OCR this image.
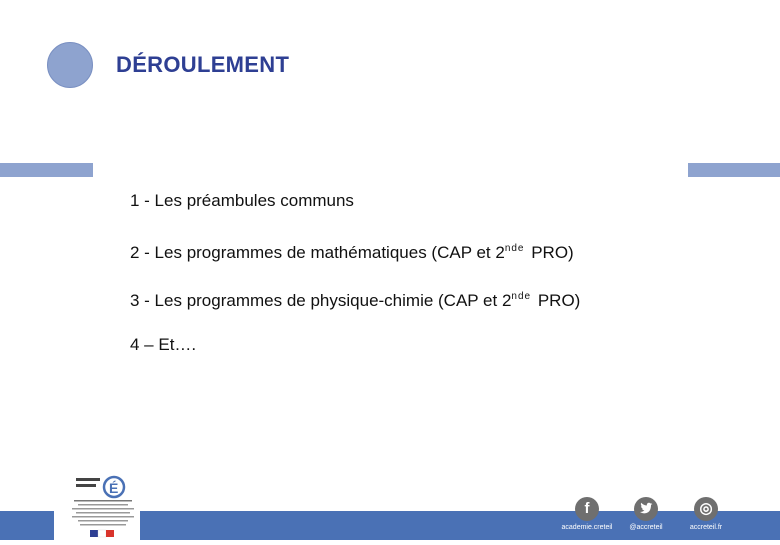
DÉROULEMENT
1 - Les préambules communs
2 - Les programmes de mathématiques (CAP et 2nde PRO)
3 - Les programmes de physique-chimie (CAP et 2nde PRO)
4 – Et….
É
f
academie.creteil	@accreteil
◎
accreteil.fr
